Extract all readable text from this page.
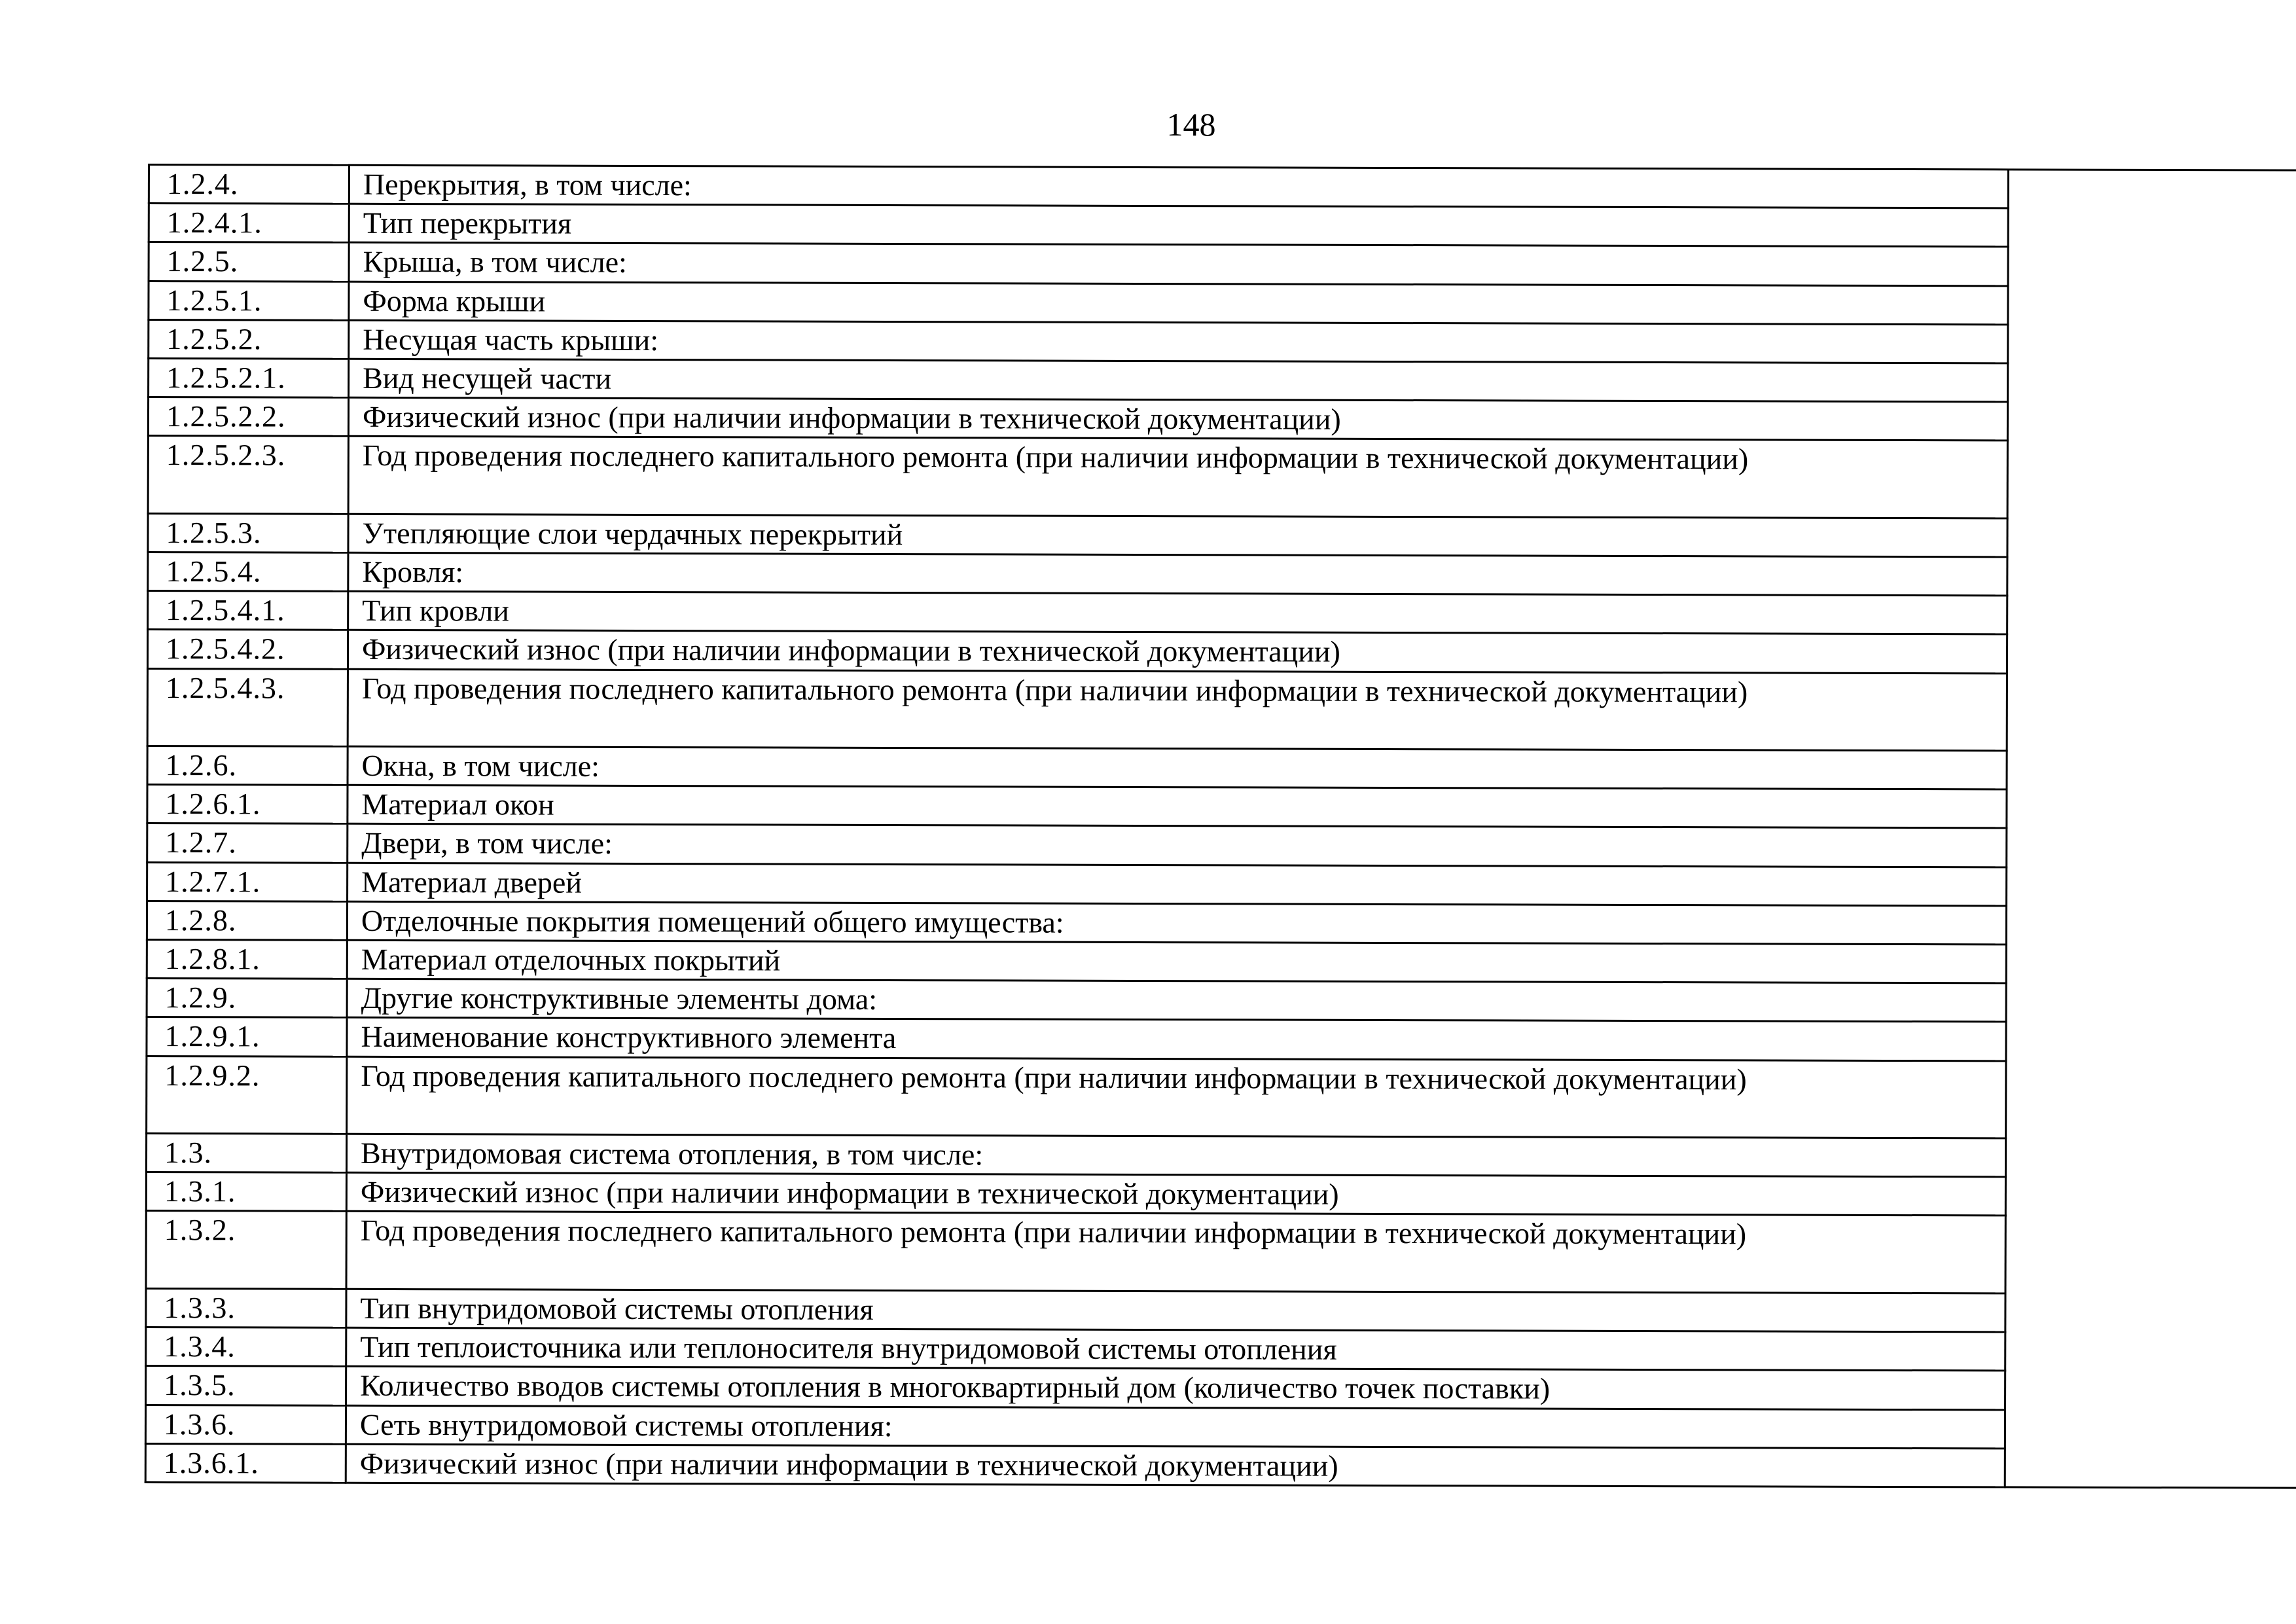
148
1.2.4.	Перекрытия, в том числе:	
1.2.4.1.	Тип перекрытия	
1.2.5.	Крыша, в том числе:	
1.2.5.1.	Форма крыши	
1.2.5.2.	Несущая часть крыши:	
1.2.5.2.1.	Вид несущей части	
1.2.5.2.2.	Физический износ (при наличии информации в технической документации)	
1.2.5.2.3.	Год проведения последнего капитального ремонта (при наличии информации в технической документации)	
1.2.5.3.	Утепляющие слои чердачных перекрытий	
1.2.5.4.	Кровля:	
1.2.5.4.1.	Тип кровли	
1.2.5.4.2.	Физический износ (при наличии информации в технической документации)	
1.2.5.4.3.	Год проведения последнего капитального ремонта (при наличии информации в технической документации)	
1.2.6.	Окна, в том числе:	
1.2.6.1.	Материал окон	
1.2.7.	Двери, в том числе:	
1.2.7.1.	Материал дверей	
1.2.8.	Отделочные покрытия помещений общего имущества:	
1.2.8.1.	Материал отделочных покрытий	
1.2.9.	Другие конструктивные элементы дома:	
1.2.9.1.	Наименование конструктивного элемента	
1.2.9.2.	Год проведения капитального последнего ремонта (при наличии информации в технической документации)	
1.3.	Внутридомовая система отопления, в том числе:	
1.3.1.	Физический износ (при наличии информации в технической документации)	
1.3.2.	Год проведения последнего капитального ремонта (при наличии информации в технической документации)	
1.3.3.	Тип внутридомовой системы отопления	
1.3.4.	Тип теплоисточника или теплоносителя внутридомовой системы отопления	
1.3.5.	Количество вводов системы отопления в многоквартирный дом (количество точек поставки)	
1.3.6.	Сеть внутридомовой системы отопления:	
1.3.6.1.	Физический износ (при наличии информации в технической документации)	
